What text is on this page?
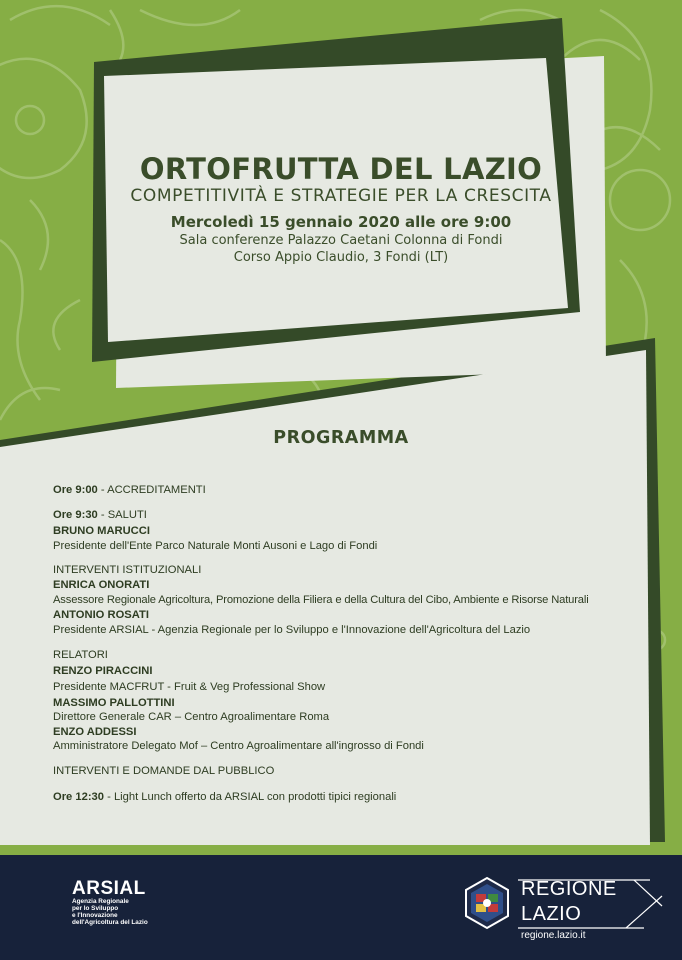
ORTOFRUTTA DEL LAZIO
COMPETITIVITÀ E STRATEGIE PER LA CRESCITA
Mercoledì 15 gennaio 2020 alle ore 9:00
Sala conferenze Palazzo Caetani Colonna di Fondi
Corso Appio Claudio, 3 Fondi (LT)
PROGRAMMA
Ore 9:00 - ACCREDITAMENTI
Ore 9:30 - SALUTI
BRUNO MARUCCI
Presidente dell'Ente Parco Naturale Monti Ausoni e Lago di Fondi
INTERVENTI ISTITUZIONALI
ENRICA ONORATI
Assessore Regionale Agricoltura, Promozione della Filiera e della Cultura del Cibo, Ambiente e Risorse Naturali
ANTONIO ROSATI
Presidente ARSIAL - Agenzia Regionale per lo Sviluppo e l'Innovazione dell'Agricoltura del Lazio
RELATORI
RENZO PIRACCINI
Presidente MACFRUT - Fruit & Veg Professional Show
MASSIMO PALLOTTINI
Direttore Generale CAR – Centro Agroalimentare Roma
ENZO ADDESSI
Amministratore Delegato Mof – Centro Agroalimentare all'ingrosso di Fondi
INTERVENTI E DOMANDE DAL PUBBLICO
Ore 12:30 - Light Lunch offerto da ARSIAL con prodotti tipici regionali
ARSIAL
Agenzia Regionale
per lo Sviluppo
e l'Innovazione
dell'Agricoltura del Lazio
REGIONE
LAZIO
regione.lazio.it
